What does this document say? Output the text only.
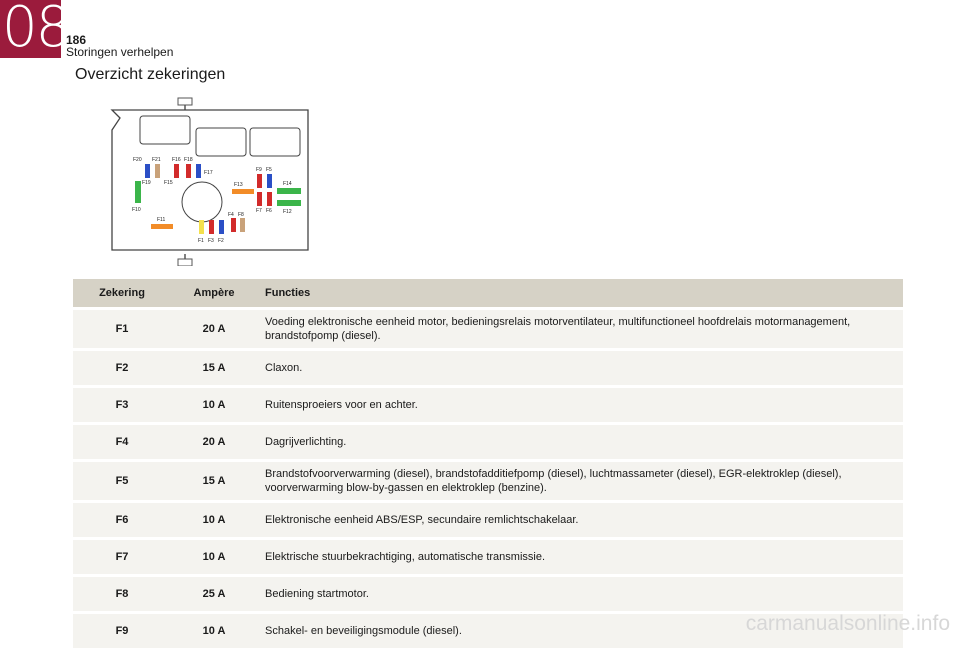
08
186
Storingen verhelpen
Overzicht zekeringen
F20 F21 F16 F18
F19	F15
F17	F9 F5
F13	F14
F10	F7 F6 F12
F11
F4 F8
F1 F3 F2
Zekering	Ampère	Functies
F1	20 A	Voeding elektronische eenheid motor, bedieningsrelais motorventilateur, multifunctioneel hoofdrelais motormanagement, brandstofpomp (diesel).
F2	15 A	Claxon.
F3	10 A	Ruitensproeiers voor en achter.
F4	20 A	Dagrijverlichting.
F5	15 A	Brandstofvoorverwarming (diesel), brandstofadditiefpomp (diesel), luchtmassameter (diesel), EGR-elektroklep (diesel), voorverwarming blow-by-gassen en elektroklep (benzine).
F6	10 A	Elektronische eenheid ABS/ESP, secundaire remlichtschakelaar.
F7	10 A	Elektrische stuurbekrachtiging, automatische transmissie.
F8	25 A	Bediening startmotor.
F9	10 A	Schakel- en beveiligingsmodule (diesel).	carmanualsonline.info
